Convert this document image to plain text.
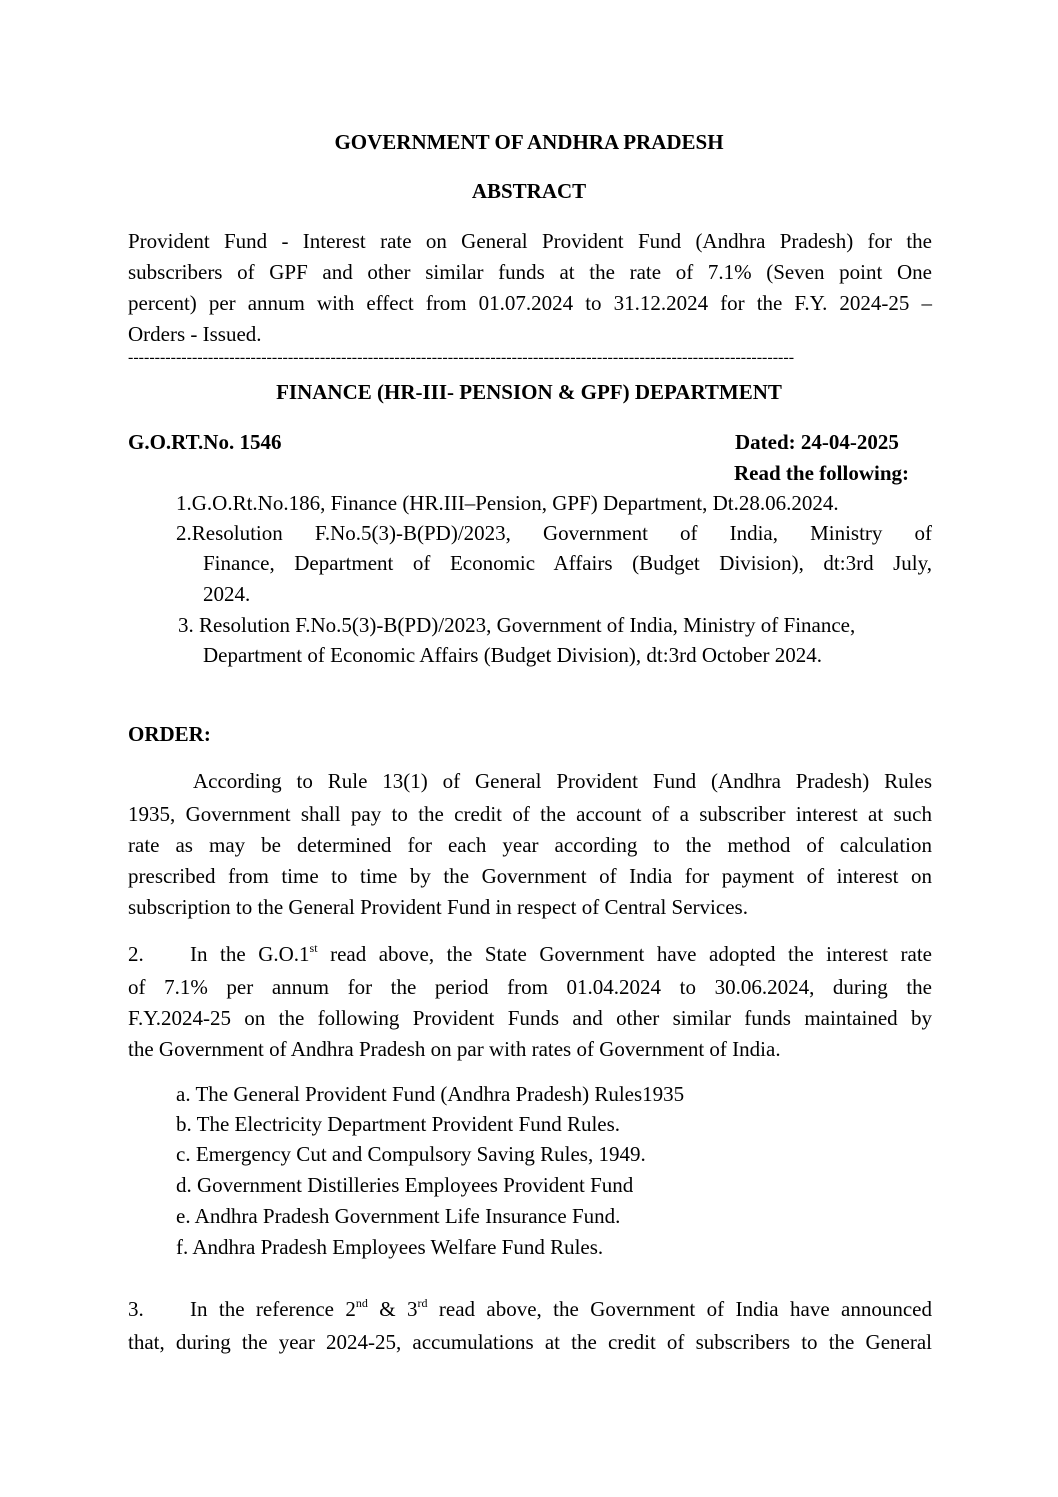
GOVERNMENT OF ANDHRA PRADESH
ABSTRACT
Provident Fund - Interest rate on General Provident Fund (Andhra Pradesh) for the
subscribers of GPF and other similar funds at the rate of 7.1% (Seven point One
percent) per annum with effect from 01.07.2024 to 31.12.2024 for the F.Y. 2024-25 –
Orders - Issued.
-----------------------------------------------------------------------------------------------------------------------------
FINANCE (HR-III- PENSION & GPF) DEPARTMENT
G.O.RT.No. 1546	Dated: 24-04-2025
Read the following:
1.G.O.Rt.No.186, Finance (HR.III–Pension, GPF) Department, Dt.28.06.2024.
2.Resolution F.No.5(3)-B(PD)/2023, Government of India, Ministry of
Finance, Department of Economic Affairs (Budget Division), dt:3rd July,
2024.
3. Resolution F.No.5(3)-B(PD)/2023, Government of India, Ministry of Finance,
Department of Economic Affairs (Budget Division), dt:3rd October 2024.
ORDER:
According to Rule 13(1) of General Provident Fund (Andhra Pradesh) Rules
1935, Government shall pay to the credit of the account of a subscriber interest at such
rate as may be determined for each year according to the method of calculation
prescribed from time to time by the Government of India for payment of interest on
subscription to the General Provident Fund in respect of Central Services.
2. In the G.O.1st read above, the State Government have adopted the interest rate
of 7.1% per annum for the period from 01.04.2024 to 30.06.2024, during the
F.Y.2024-25 on the following Provident Funds and other similar funds maintained by
the Government of Andhra Pradesh on par with rates of Government of India.
a. The General Provident Fund (Andhra Pradesh) Rules1935
b. The Electricity Department Provident Fund Rules.
c. Emergency Cut and Compulsory Saving Rules, 1949.
d. Government Distilleries Employees Provident Fund
e. Andhra Pradesh Government Life Insurance Fund.
f. Andhra Pradesh Employees Welfare Fund Rules.
3. In the reference 2nd & 3rd read above, the Government of India have announced
that, during the year 2024-25, accumulations at the credit of subscribers to the General
